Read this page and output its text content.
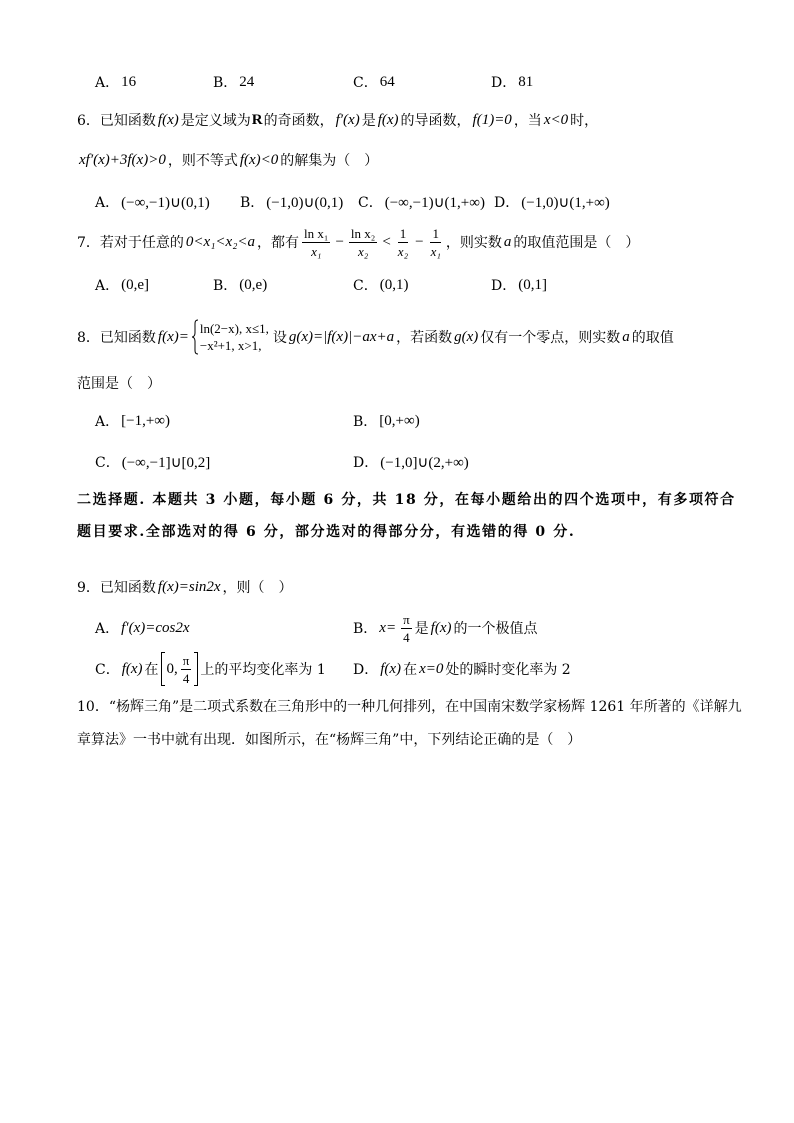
A． 16	B． 24	C． 64	D． 81
6． 已知函数 f(x) 是定义域为 R 的奇函数， f′(x) 是 f(x) 的导函数， f(1)=0 ，当 x<0 时，
xf′(x)+3f(x)>0 ，则不等式 f(x)<0 的解集为（　）
A． (−∞,−1)∪(0,1) B． (−1,0)∪(0,1) C． (−∞,−1)∪(1,+∞) D． (−1,0)∪(1,+∞)
7． 若对于任意的 0<x₁<x₂<a ，都有 $\frac{\text{ln x₁}}{\text{x₁}} - \frac{\text{ln x₂}}{\text{x₂}} < \frac{1}{\text{x₂}} - \frac{1}{\text{x₁}}$ ，则实数 a 的取值范围是（　）
A． (0,e]	B． (0,e)	C． (0,1)	D． (0,1]
8． 已知函数 f(x)= ln(2−x), x≤1,
−x²+1, x>1, 设 g(x)=|f(x)|−ax+a ，若函数 g(x) 仅有一个零点，则实数 a 的取值
范围是（　）
A． [−1,+∞)	B． [0,+∞)
C． (−∞,−1]∪[0,2]	D． (−1,0]∪(2,+∞)
二选择题. 本题共 3 小题，每小题 6 分，共 18 分，在每小题给出的四个选项中，有多项符合
题目要求.全部选对的得 6 分，部分选对的得部分分，有选错的得 0 分.
9． 已知函数 f(x)=sin2x ，则（　）
A． f′(x)=cos2x	B． $x= \frac{\pi}{4}$ 是 f(x) 的一个极值点
C． f(x) 在 0, $\frac{\pi}{4}$ 上的平均变化率为 1 D． f(x) 在 x=0 处的瞬时变化率为 2
10．“杨辉三角”是二项式系数在三角形中的一种几何排列，在中国南宋数学家杨辉 1261 年所著的《详解九
章算法》一书中就有出现．如图所示，在“杨辉三角”中，下列结论正确的是（　）
